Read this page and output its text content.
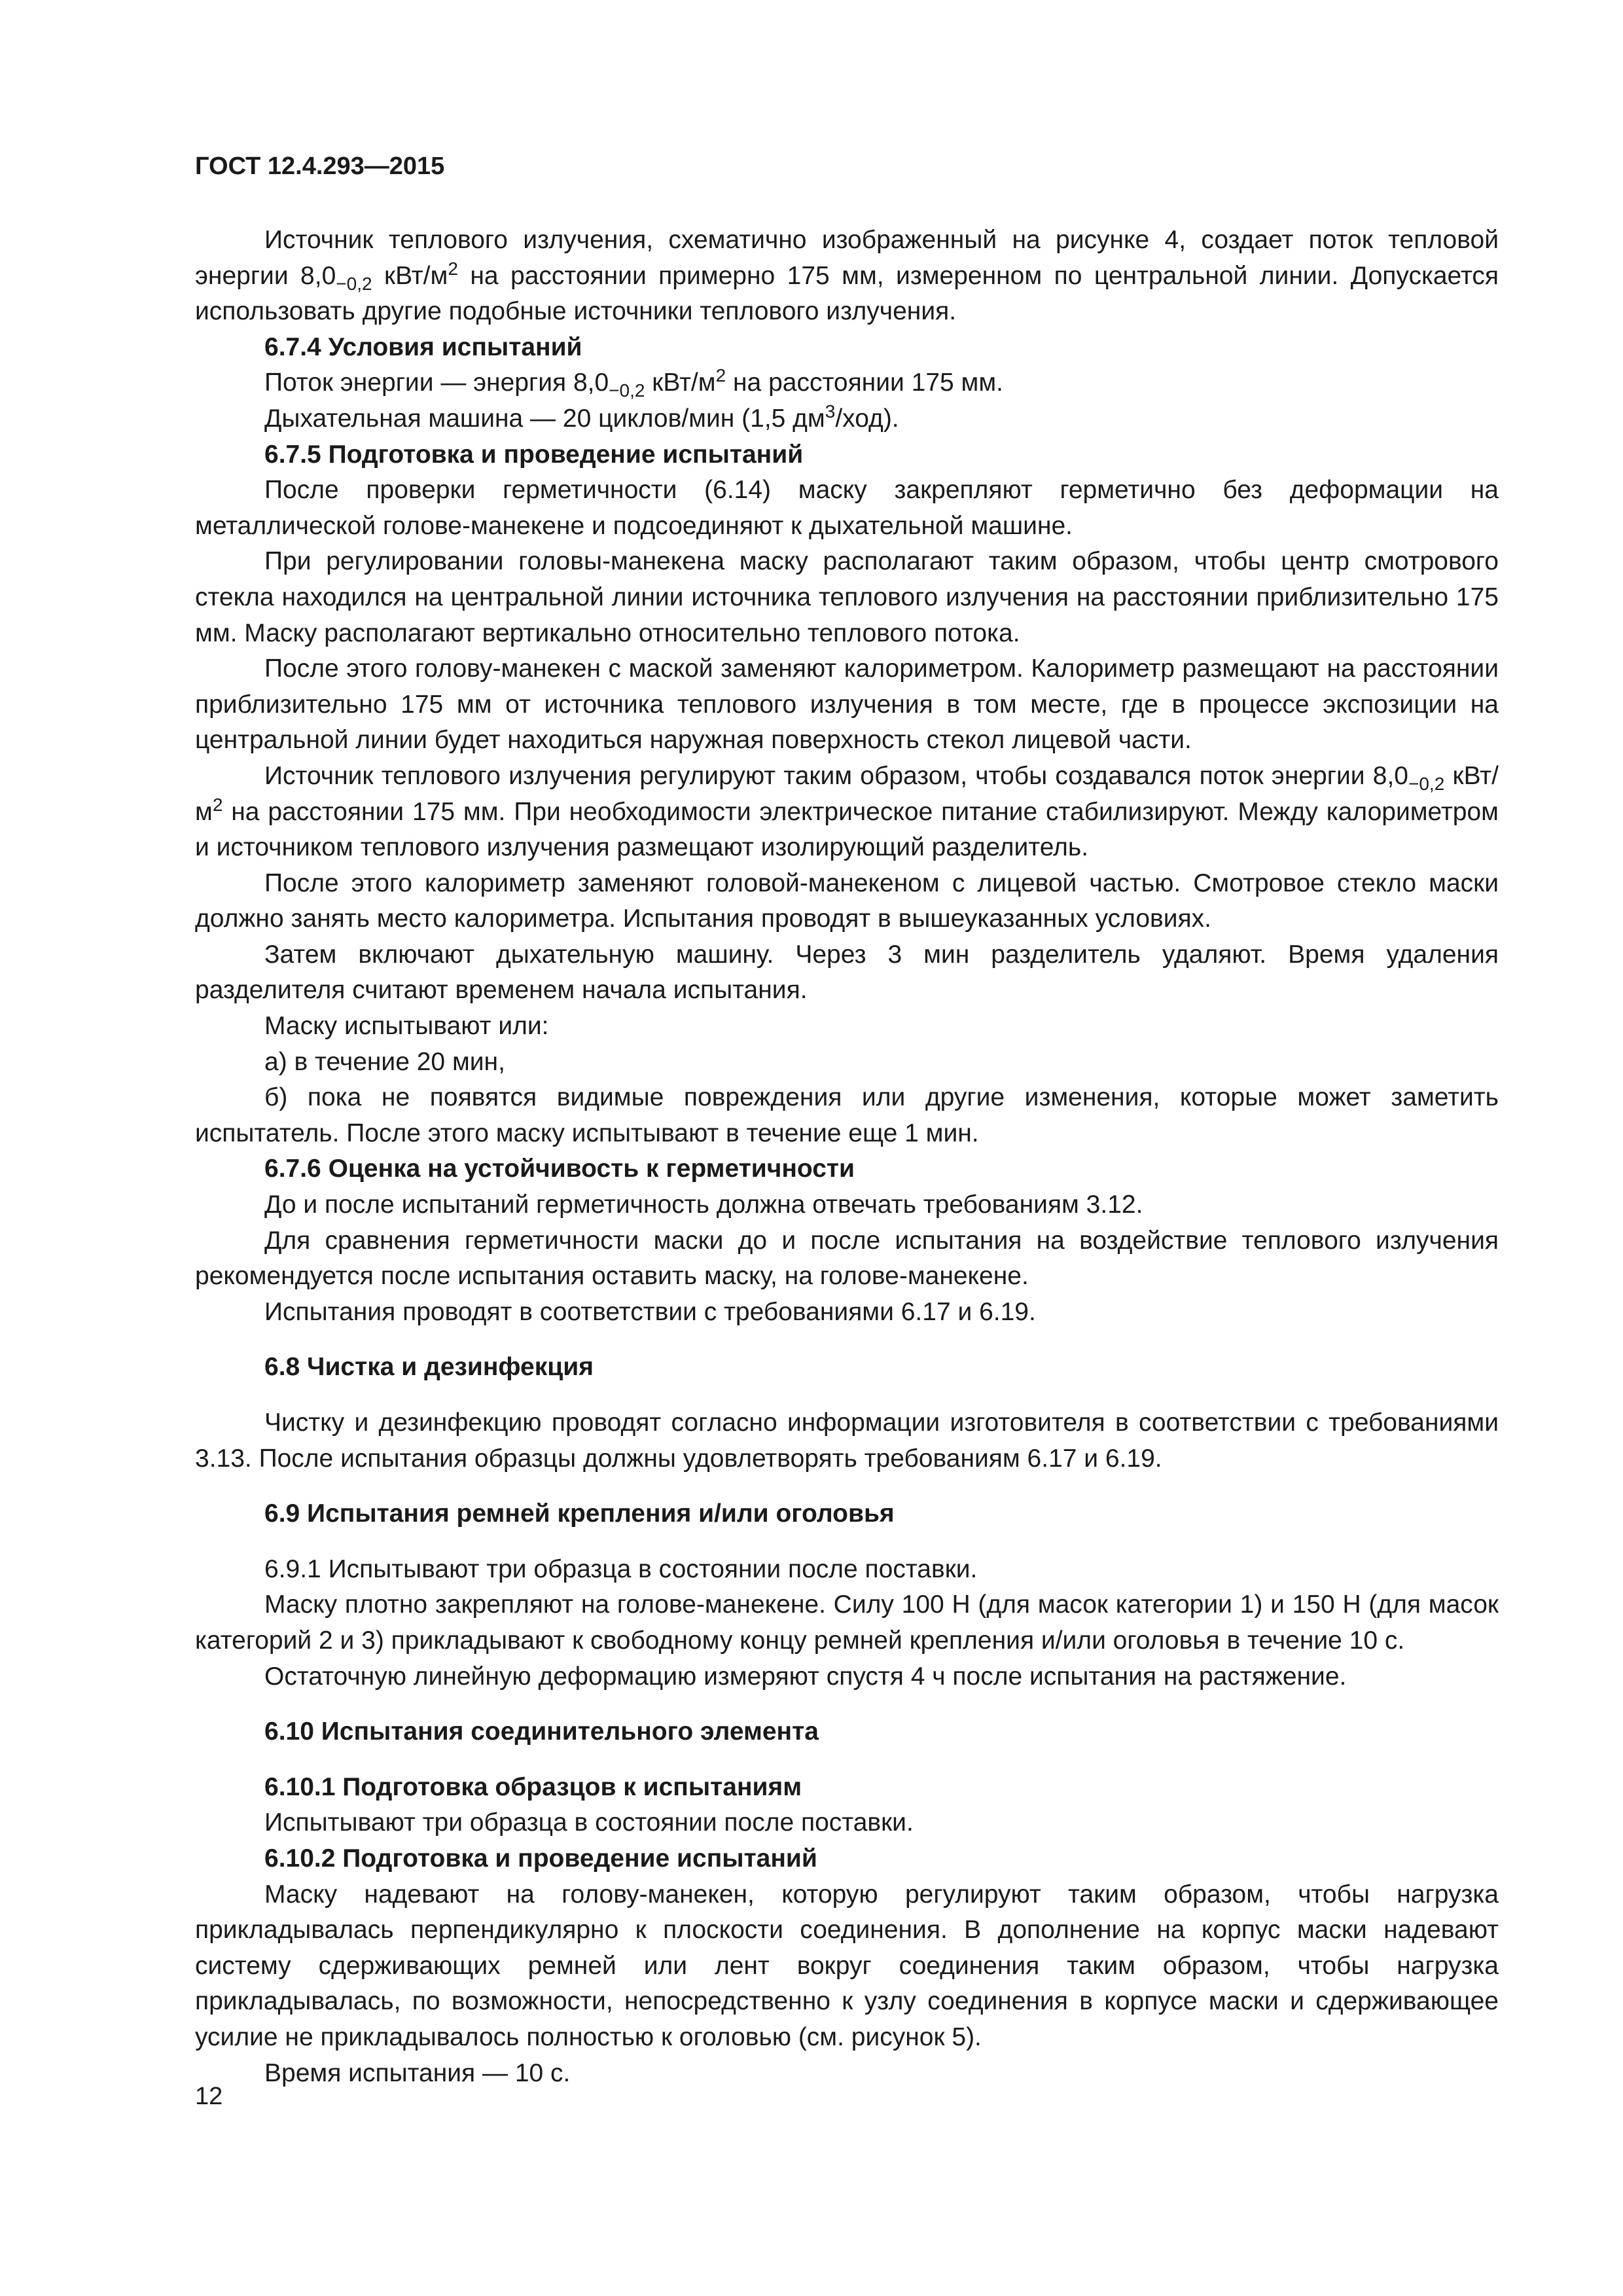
ГОСТ 12.4.293—2015

Источник теплового излучения, схематично изображенный на рисунке 4, создает поток тепловой энергии $8,0_{-0,2}$ кВт/$м^2$ на расстоянии примерно 175 мм, измеренном по центральной линии. Допускается использовать другие подобные источники теплового излучения.

6.7.4 Условия испытаний

Поток энергии — энергия $8,0_{-0,2}$ кВт/$м^2$ на расстоянии 175 мм.

Дыхательная машина — 20 циклов/мин (1,5 $дм^3/ход$).

6.7.5 Подготовка и проведение испытаний

После проверки герметичности (6.14) маску закрепляют герметично без деформации на металлической голове-манекене и подсоединяют к дыхательной машине.

При регулировании головы-манекена маску располагают таким образом, чтобы центр смотрового стекла находился на центральной линии источника теплового излучения на расстоянии приблизительно 175 мм. Маску располагают вертикально относительно теплового потока.

После этого голову-манекен с маской заменяют калориметром. Калориметр размещают на расстоянии приблизительно 175 мм от источника теплового излучения в том месте, где в процессе экспозиции на центральной линии будет находиться наружная поверхность стекол лицевой части.

Источник теплового излучения регулируют таким образом, чтобы создавался поток энергии $8,0_{-0,2}$ кВт/$м^2$ на расстоянии 175 мм. При необходимости электрическое питание стабилизируют. Между калориметром и источником теплового излучения размещают изолирующий разделитель.

После этого калориметр заменяют головой-манекеном с лицевой частью. Смотровое стекло маски должно занять место калориметра. Испытания проводят в вышеуказанных условиях.

Затем включают дыхательную машину. Через 3 мин разделитель удаляют. Время удаления разделителя считают временем начала испытания.

Маску испытывают или:

а) в течение 20 мин,

б) пока не появятся видимые повреждения или другие изменения, которые может заметить испытатель. После этого маску испытывают в течение еще 1 мин.

6.7.6 Оценка на устойчивость к герметичности

До и после испытаний герметичность должна отвечать требованиям 3.12.

Для сравнения герметичности маски до и после испытания на воздействие теплового излучения рекомендуется после испытания оставить маску, на голове-манекене.

Испытания проводят в соответствии с требованиями 6.17 и 6.19.

6.8 Чистка и дезинфекция

Чистку и дезинфекцию проводят согласно информации изготовителя в соответствии с требованиями 3.13. После испытания образцы должны удовлетворять требованиям 6.17 и 6.19.

6.9 Испытания ремней крепления и/или оголовья

6.9.1 Испытывают три образца в состоянии после поставки.

Маску плотно закрепляют на голове-манекене. Силу 100 Н (для масок категории 1) и 150 Н (для масок категорий 2 и 3) прикладывают к свободному концу ремней крепления и/или оголовья в течение 10 с.

Остаточную линейную деформацию измеряют спустя 4 ч после испытания на растяжение.

6.10 Испытания соединительного элемента
6.10.1 Подготовка образцов к испытаниям

Испытывают три образца в состоянии после поставки.

6.10.2 Подготовка и проведение испытаний

Маску надевают на голову-манекен, которую регулируют таким образом, чтобы нагрузка прикладывалась перпендикулярно к плоскости соединения. В дополнение на корпус маски надевают систему сдерживающих ремней или лент вокруг соединения таким образом, чтобы нагрузка прикладывалась, по возможности, непосредственно к узлу соединения в корпусе маски и сдерживающее усилие не прикладывалось полностью к оголовью (см. рисунок 5).

Время испытания — 10 с.

12
